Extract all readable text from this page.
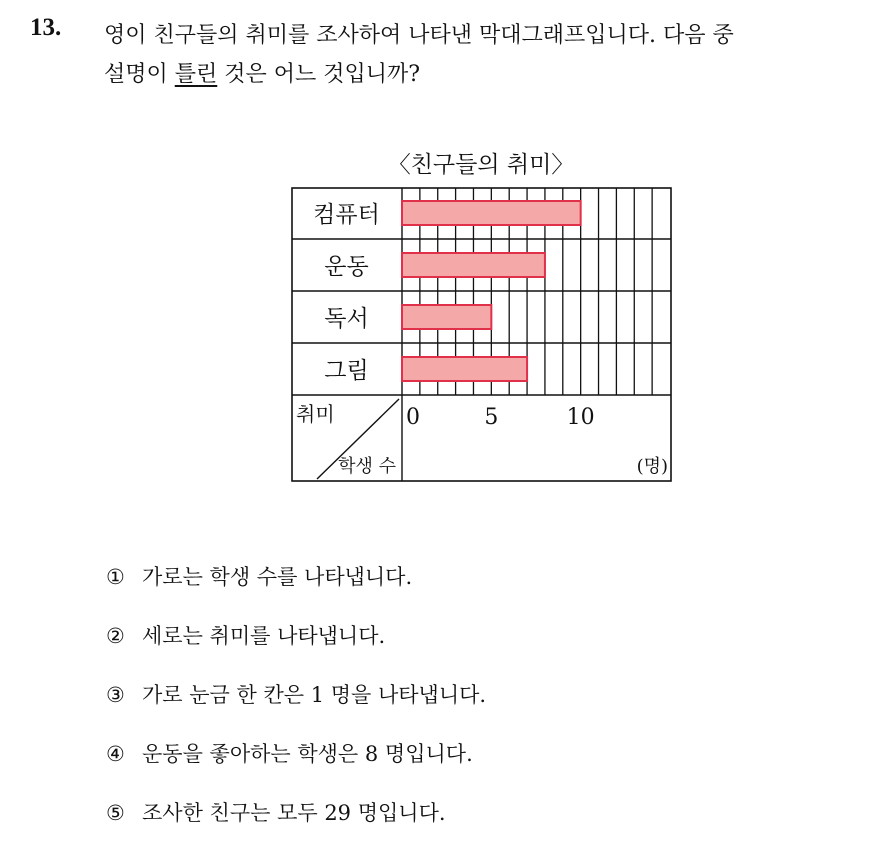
13. 영이 친구들의 취미를 조사하여 나타낸 막대그래프입니다. 다음 중
설명이 틀린 것은 어느 것입니까?
〈친구들의 취미〉
컴퓨터
운동
독서
그림
취미
학생 수
0	5	10
(명)
① 가로는 학생 수를 나타냅니다.
② 세로는 취미를 나타냅니다.
③ 가로 눈금 한 칸은 1 명을 나타냅니다.
④ 운동을 좋아하는 학생은 8 명입니다.
⑤ 조사한 친구는 모두 29 명입니다.
